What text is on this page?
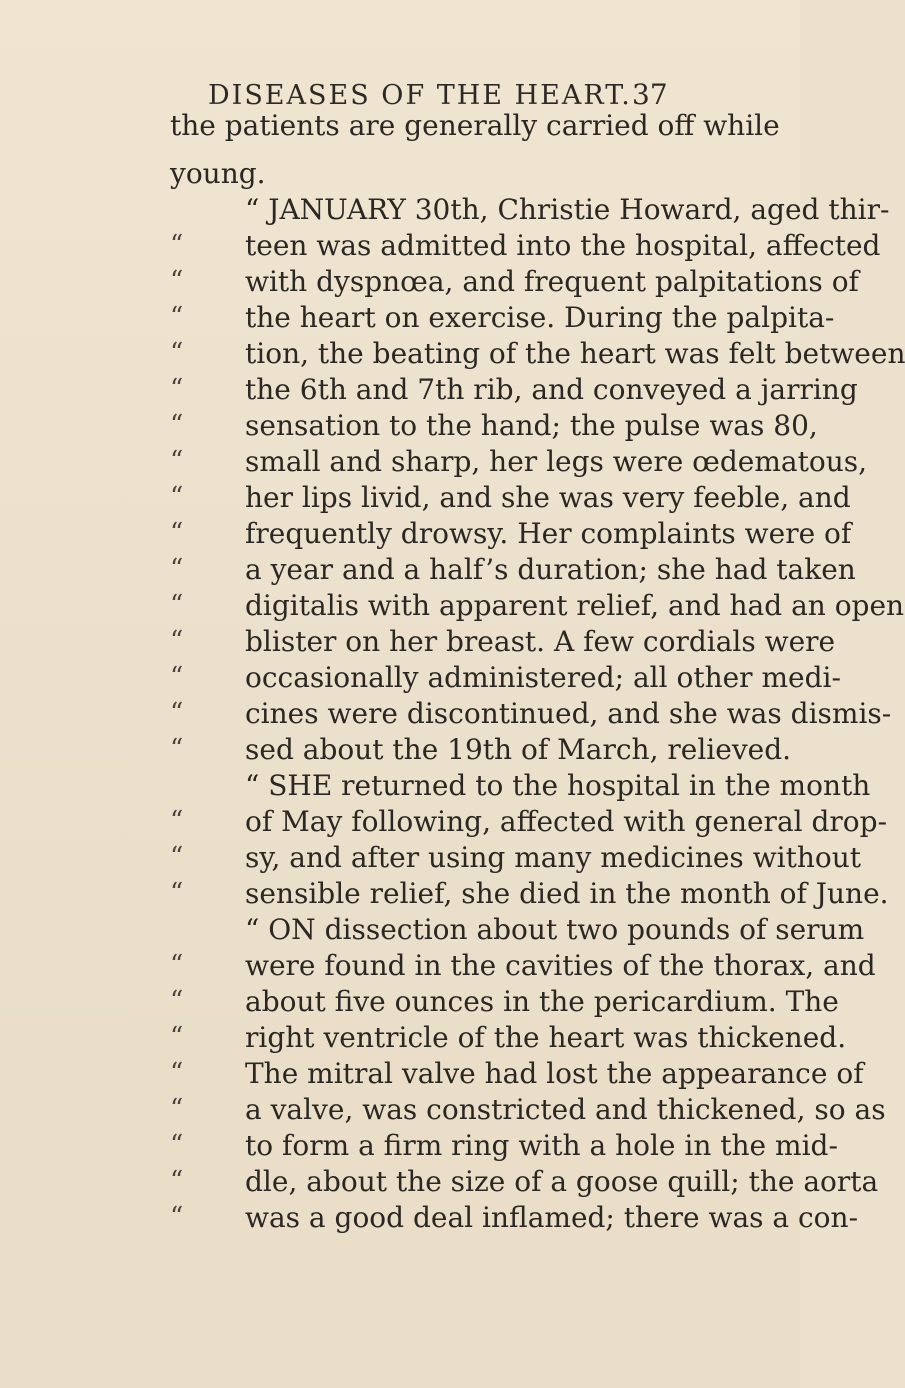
DISEASES OF THE HEART. 37
the patients are generally carried off while
young.
“ JANUARY 30th, Christie Howard, aged thir-
“ teen was admitted into the hospital, affected
“ with dyspnœa, and frequent palpitations of
“ the heart on exercise. During the palpita-
“ tion, the beating of the heart was felt between
“ the 6th and 7th rib, and conveyed a jarring
“ sensation to the hand; the pulse was 80,
“ small and sharp, her legs were œdematous,
“ her lips livid, and she was very feeble, and
“ frequently drowsy. Her complaints were of
“ a year and a half’s duration; she had taken
“ digitalis with apparent relief, and had an open
“ blister on her breast. A few cordials were
“ occasionally administered; all other medi-
“ cines were discontinued, and she was dismis-
“ sed about the 19th of March, relieved.
“ SHE returned to the hospital in the month
“ of May following, affected with general drop-
“ sy, and after using many medicines without
“ sensible relief, she died in the month of June.
“ ON dissection about two pounds of serum
“ were found in the cavities of the thorax, and
“ about five ounces in the pericardium. The
“ right ventricle of the heart was thickened.
“ The mitral valve had lost the appearance of
“ a valve, was constricted and thickened, so as
“ to form a firm ring with a hole in the mid-
“ dle, about the size of a goose quill; the aorta
“ was a good deal inflamed; there was a con-
